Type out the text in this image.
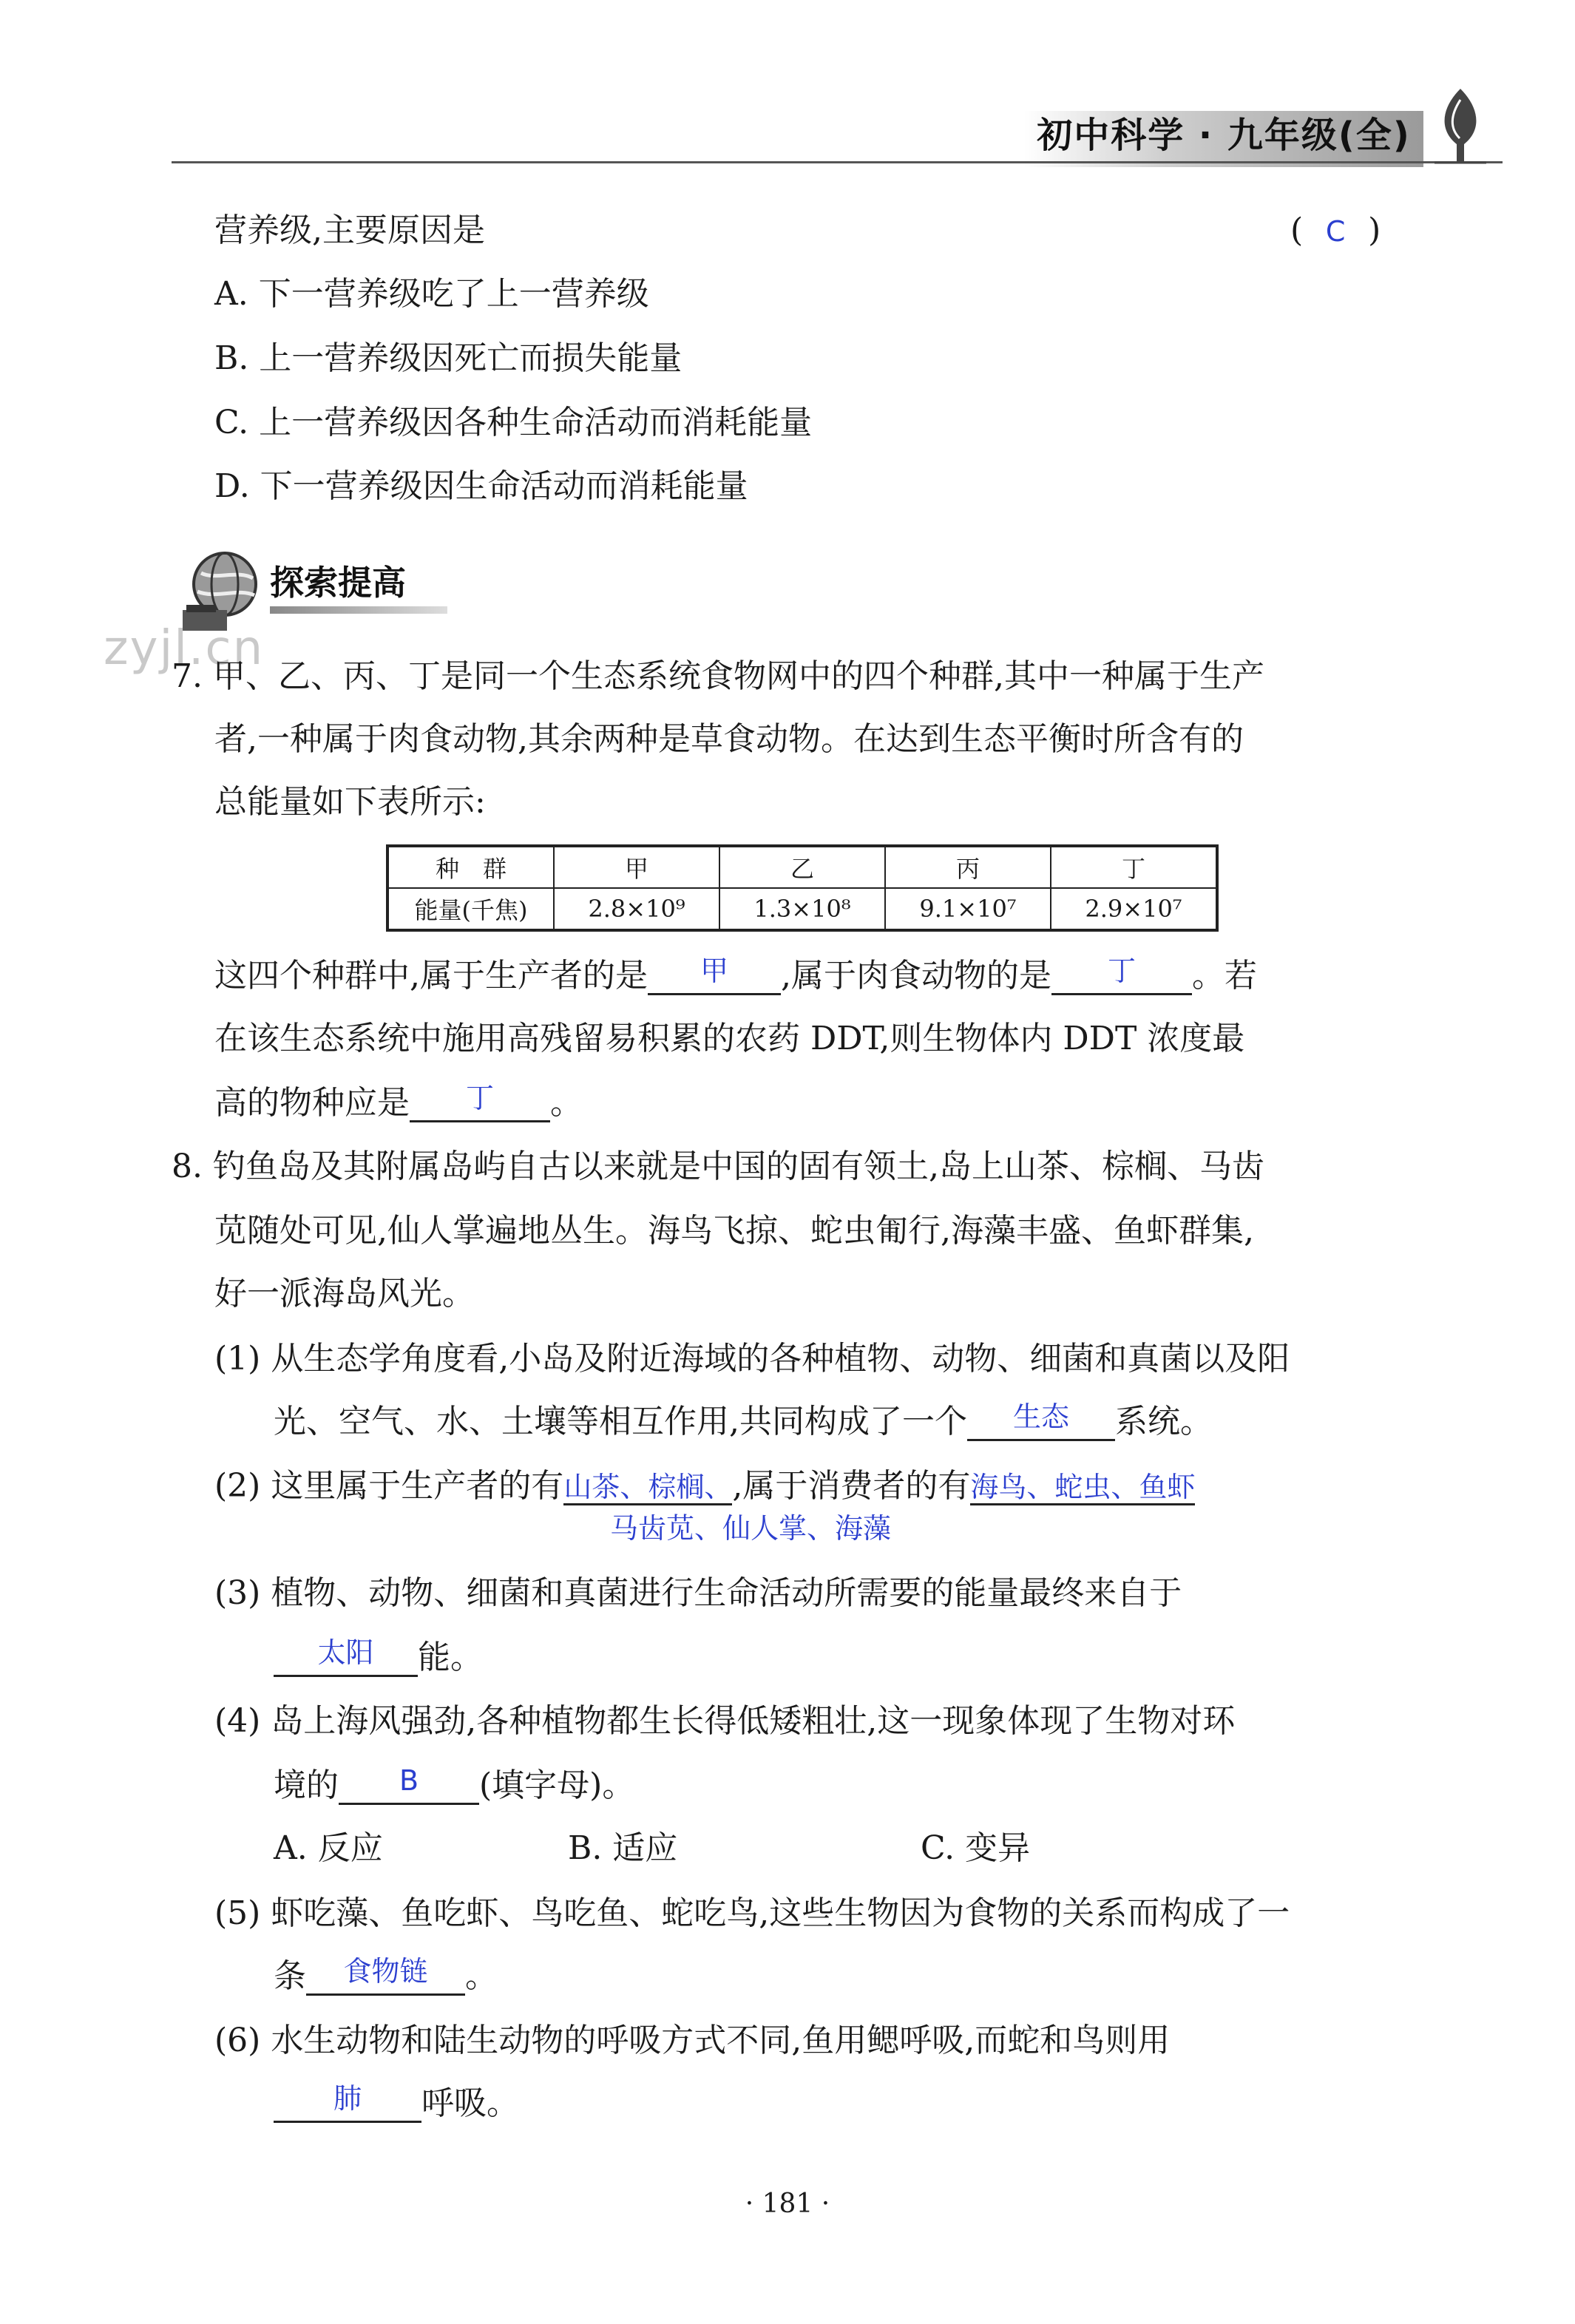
初中科学 · 九年级(全)
营养级,主要原因是	( C )
A. 下一营养级吃了上一营养级
B. 上一营养级因死亡而损失能量
C. 上一营养级因各种生命活动而消耗能量
D. 下一营养级因生命活动而消耗能量
探索提高
zyjl.cn
7. 甲、乙、丙、丁是同一个生态系统食物网中的四个种群,其中一种属于生产
者,一种属于肉食动物,其余两种是草食动物。在达到生态平衡时所含有的
总能量如下表所示:
种　群	甲	乙	丙	丁
能量(千焦)	2.8×10⁹	1.3×10⁸	9.1×10⁷	2.9×10⁷
这四个种群中,属于生产者的是 甲 ,属于肉食动物的是 丁 。若
在该生态系统中施用高残留易积累的农药 DDT,则生物体内 DDT 浓度最
高的物种应是 丁 。
8. 钓鱼岛及其附属岛屿自古以来就是中国的固有领土,岛上山茶、棕榈、马齿
苋随处可见,仙人掌遍地丛生。海鸟飞掠、蛇虫匍行,海藻丰盛、鱼虾群集,
好一派海岛风光。
(1) 从生态学角度看,小岛及附近海域的各种植物、动物、细菌和真菌以及阳
光、空气、水、土壤等相互作用,共同构成了一个 生态 系统。
(2) 这里属于生产者的有山茶、棕榈、,属于消费者的有海鸟、蛇虫、鱼虾
马齿苋、仙人掌、海藻
(3) 植物、动物、细菌和真菌进行生命活动所需要的能量最终来自于
太阳 能。
(4) 岛上海风强劲,各种植物都生长得低矮粗壮,这一现象体现了生物对环
境的 B (填字母)。
A. 反应	B. 适应	C. 变异
(5) 虾吃藻、鱼吃虾、鸟吃鱼、蛇吃鸟,这些生物因为食物的关系而构成了一
条 食物链 。
(6) 水生动物和陆生动物的呼吸方式不同,鱼用鳃呼吸,而蛇和鸟则用
肺 呼吸。
· 181 ·
